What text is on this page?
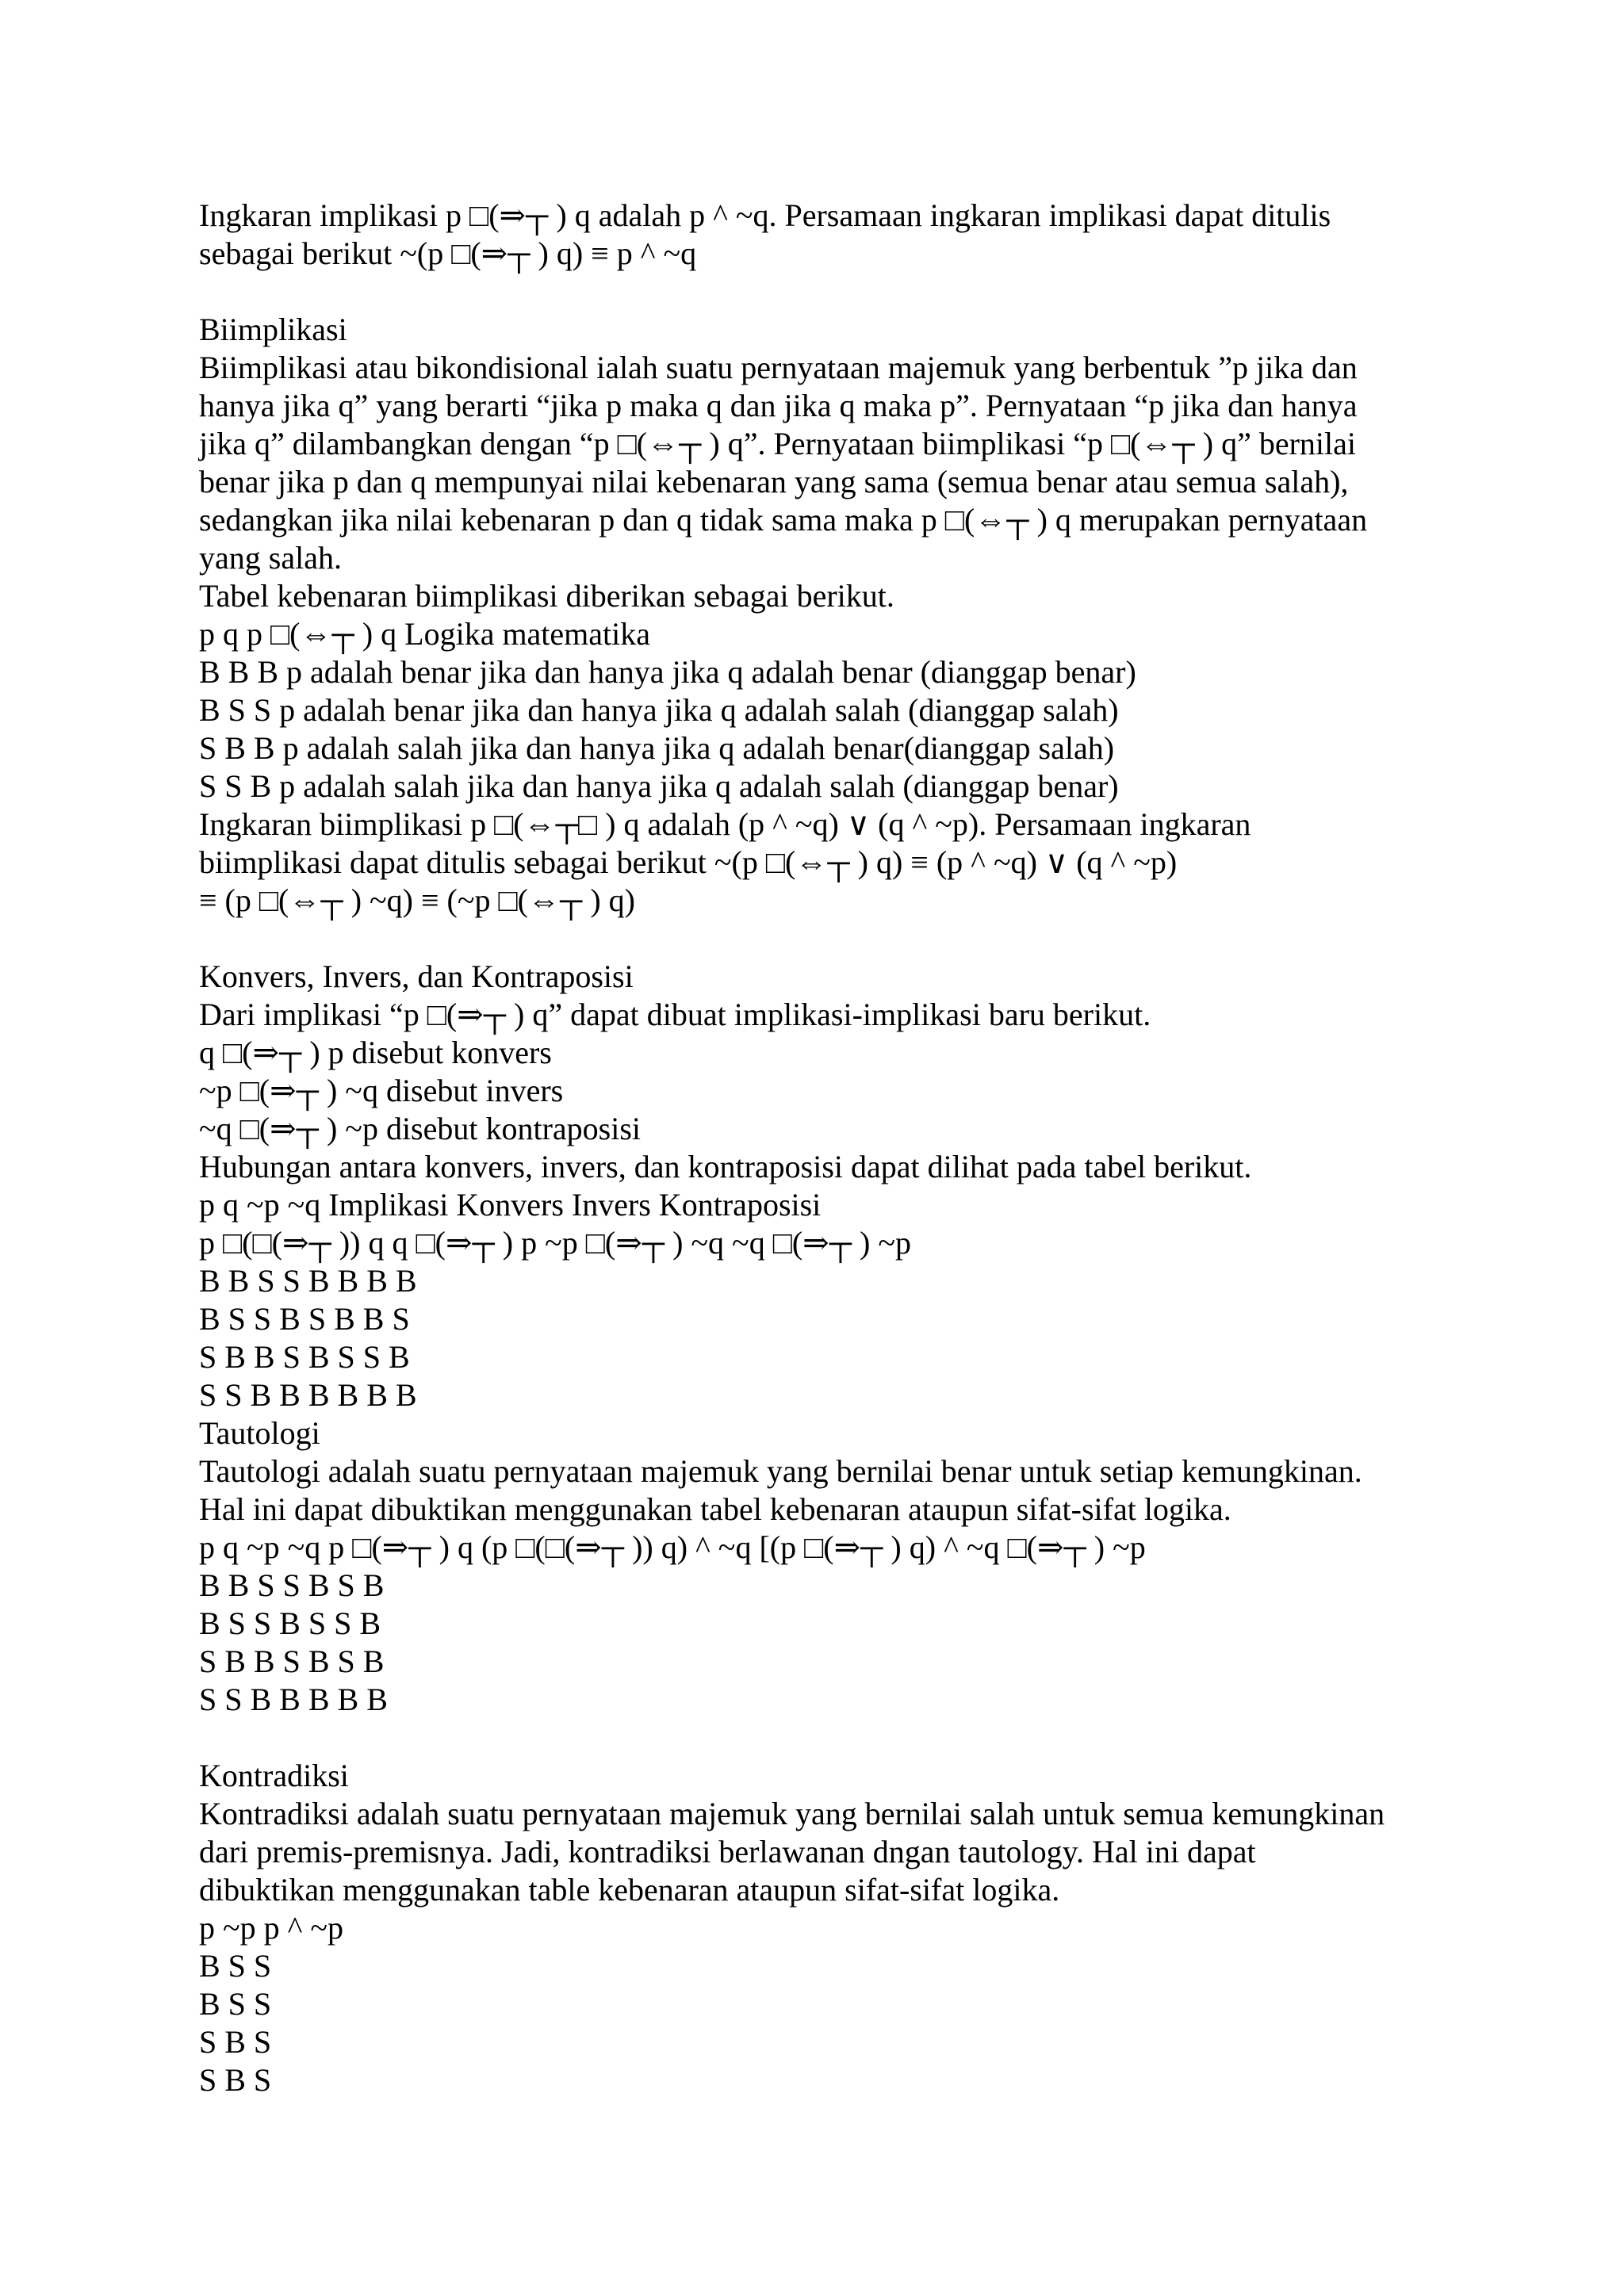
Ingkaran implikasi p □(⇒┬ ) q adalah p ^ ~q. Persamaan ingkaran implikasi dapat ditulis
sebagai berikut ~(p □(⇒┬ ) q) ≡ p ^ ~q
Biimplikasi
Biimplikasi atau bikondisional ialah suatu pernyataan majemuk yang berbentuk ”p jika dan
hanya jika q” yang berarti “jika p maka q dan jika q maka p”. Pernyataan “p jika dan hanya
jika q” dilambangkan dengan “p □(⇔┬ ) q”. Pernyataan biimplikasi “p □(⇔┬ ) q” bernilai
benar jika p dan q mempunyai nilai kebenaran yang sama (semua benar atau semua salah),
sedangkan jika nilai kebenaran p dan q tidak sama maka p □(⇔┬ ) q merupakan pernyataan
yang salah.
Tabel kebenaran biimplikasi diberikan sebagai berikut.
p q p □(⇔┬ ) q Logika matematika
B B B p adalah benar jika dan hanya jika q adalah benar (dianggap benar)
B S S p adalah benar jika dan hanya jika q adalah salah (dianggap salah)
S B B p adalah salah jika dan hanya jika q adalah benar(dianggap salah)
S S B p adalah salah jika dan hanya jika q adalah salah (dianggap benar)
Ingkaran biimplikasi p □(⇔┬□ ) q adalah (p ^ ~q) ∨ (q ^ ~p). Persamaan ingkaran
biimplikasi dapat ditulis sebagai berikut ~(p □(⇔┬ ) q) ≡ (p ^ ~q) ∨ (q ^ ~p)
≡ (p □(⇔┬ ) ~q) ≡ (~p □(⇔┬ ) q)
Konvers, Invers, dan Kontraposisi
Dari implikasi “p □(⇒┬ ) q” dapat dibuat implikasi-implikasi baru berikut.
q □(⇒┬ ) p disebut konvers
~p □(⇒┬ ) ~q disebut invers
~q □(⇒┬ ) ~p disebut kontraposisi
Hubungan antara konvers, invers, dan kontraposisi dapat dilihat pada tabel berikut.
p q ~p ~q Implikasi Konvers Invers Kontraposisi
p □(□(⇒┬ )) q q □(⇒┬ ) p ~p □(⇒┬ ) ~q ~q □(⇒┬ ) ~p
B B S S B B B B
B S S B S B B S
S B B S B S S B
S S B B B B B B
Tautologi
Tautologi adalah suatu pernyataan majemuk yang bernilai benar untuk setiap kemungkinan.
Hal ini dapat dibuktikan menggunakan tabel kebenaran ataupun sifat-sifat logika.
p q ~p ~q p □(⇒┬ ) q (p □(□(⇒┬ )) q) ^ ~q [(p □(⇒┬ ) q) ^ ~q □(⇒┬ ) ~p
B B S S B S B
B S S B S S B
S B B S B S B
S S B B B B B
Kontradiksi
Kontradiksi adalah suatu pernyataan majemuk yang bernilai salah untuk semua kemungkinan
dari premis-premisnya. Jadi, kontradiksi berlawanan dngan tautology. Hal ini dapat
dibuktikan menggunakan table kebenaran ataupun sifat-sifat logika.
p ~p p ^ ~p
B S S
B S S
S B S
S B S
